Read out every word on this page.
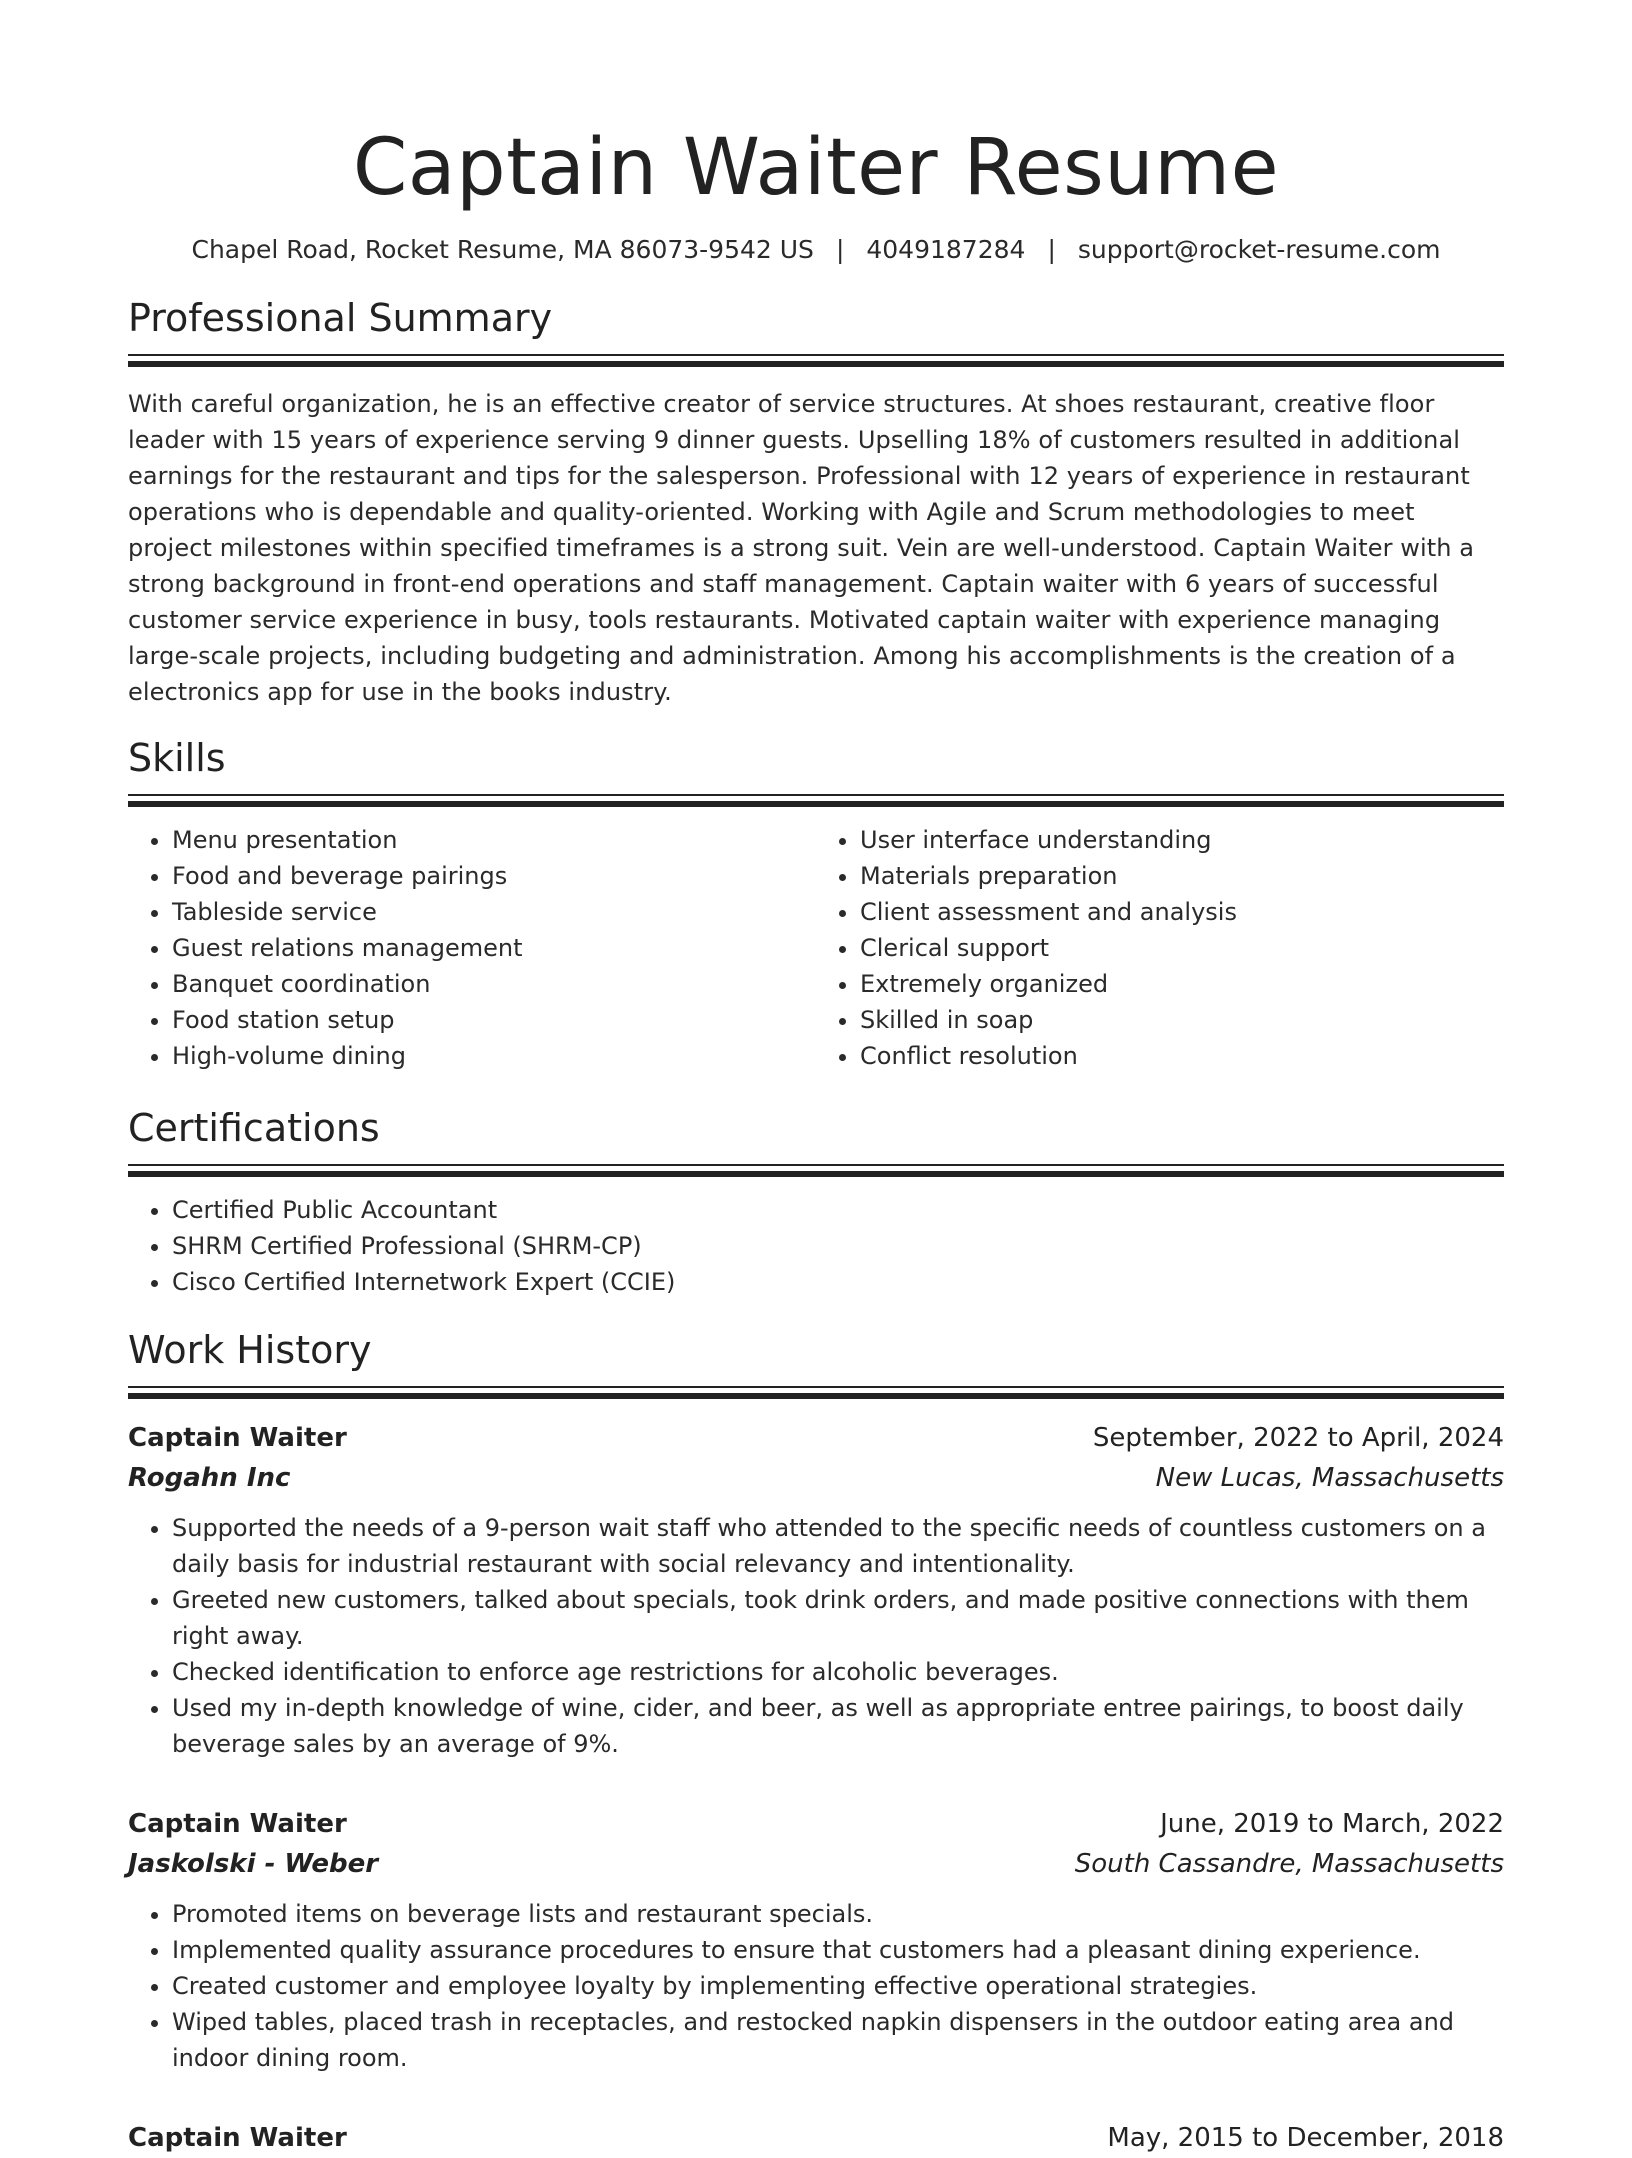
Captain Waiter Resume
Chapel Road, Rocket Resume, MA 86073-9542 US | 4049187284 | support@rocket-resume.com
Professional Summary

With careful organization, he is an effective creator of service structures. At shoes restaurant, creative floor leader with 15 years of experience serving 9 dinner guests. Upselling 18% of customers resulted in additional earnings for the restaurant and tips for the salesperson. Professional with 12 years of experience in restaurant operations who is dependable and quality-oriented. Working with Agile and Scrum methodologies to meet project milestones within specified timeframes is a strong suit. Vein are well-understood. Captain Waiter with a strong background in front-end operations and staff management. Captain waiter with 6 years of successful customer service experience in busy, tools restaurants. Motivated captain waiter with experience managing large-scale projects, including budgeting and administration. Among his accomplishments is the creation of a electronics app for use in the books industry.

Skills
• Menu presentation
• Food and beverage pairings
• Tableside service
• Guest relations management
• Banquet coordination
• Food station setup
• High-volume dining
• User interface understanding
• Materials preparation
• Client assessment and analysis
• Clerical support
• Extremely organized
• Skilled in soap
• Conflict resolution
Certifications
• Certified Public Accountant
• SHRM Certified Professional (SHRM-CP)
• Cisco Certified Internetwork Expert (CCIE)
Work History
Captain Waiter	September, 2022 to April, 2024
Rogahn Inc	New Lucas, Massachusetts
• Supported the needs of a 9-person wait staff who attended to the specific needs of countless customers on a daily basis for industrial restaurant with social relevancy and intentionality.
• Greeted new customers, talked about specials, took drink orders, and made positive connections with them right away.
• Checked identification to enforce age restrictions for alcoholic beverages.
• Used my in-depth knowledge of wine, cider, and beer, as well as appropriate entree pairings, to boost daily beverage sales by an average of 9%.
Captain Waiter	June, 2019 to March, 2022
Jaskolski - Weber	South Cassandre, Massachusetts
• Promoted items on beverage lists and restaurant specials.
• Implemented quality assurance procedures to ensure that customers had a pleasant dining experience.
• Created customer and employee loyalty by implementing effective operational strategies.
• Wiped tables, placed trash in receptacles, and restocked napkin dispensers in the outdoor eating area and indoor dining room.
Captain Waiter	May, 2015 to December, 2018
